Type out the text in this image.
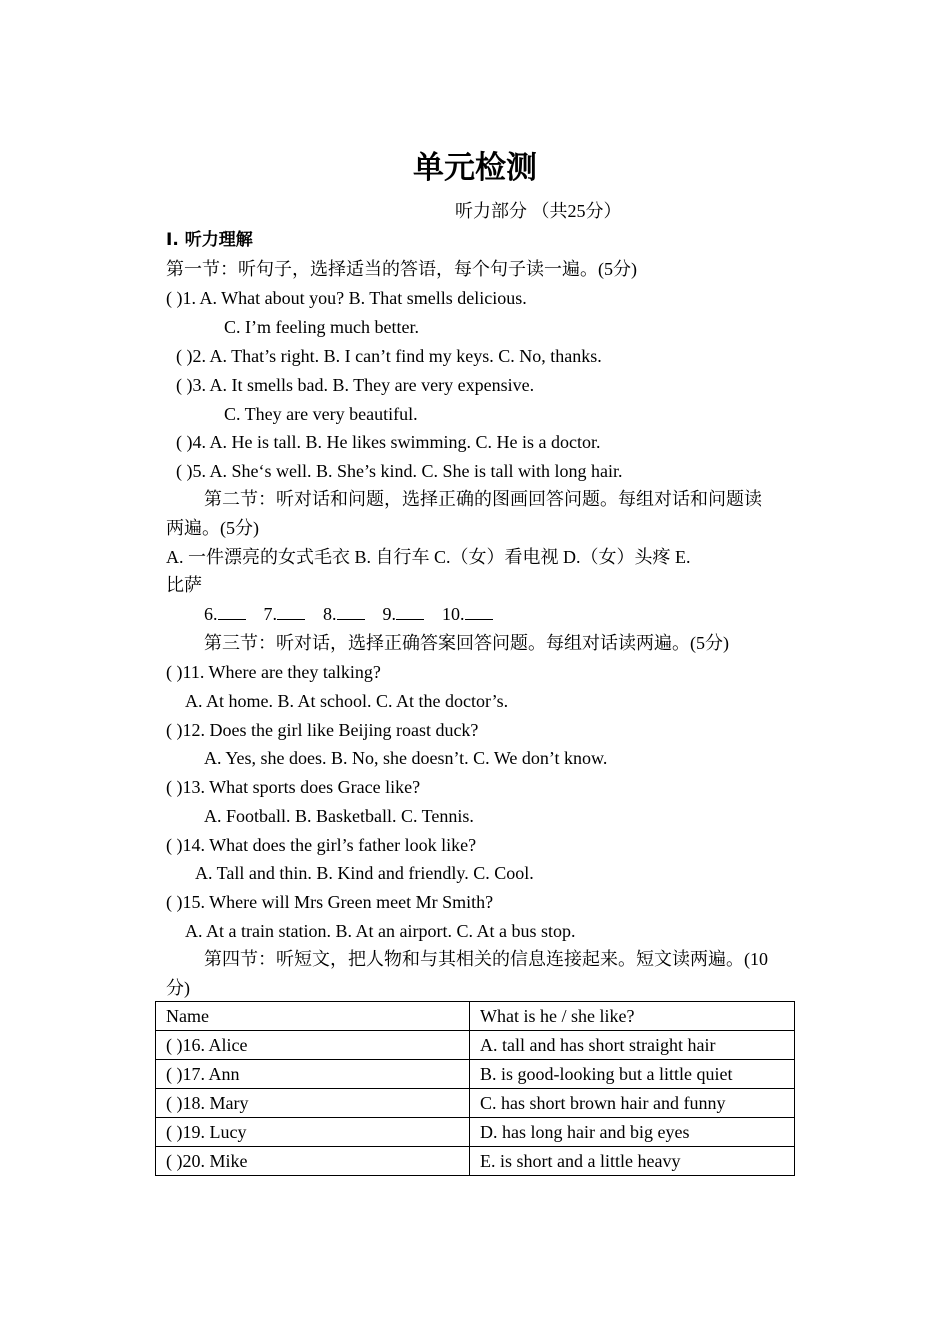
单元检测
听力部分 （共25分）
I. 听力理解
第一节：听句子，选择适当的答语，每个句子读一遍。(5分)
( )1. A. What about you? B. That smells delicious.
C. I’m feeling much better.
( )2. A. That’s right. B. I can’t find my keys. C. No, thanks.
( )3. A. It smells bad. B. They are very expensive.
C. They are very beautiful.
( )4. A. He is tall. B. He likes swimming. C. He is a doctor.
( )5. A. She‘s well. B. She’s kind. C. She is tall with long hair.
第二节：听对话和问题，选择正确的图画回答问题。每组对话和问题读
两遍。(5分)
A. 一件漂亮的女式毛衣 B. 自行车 C.（女）看电视 D.（女）头疼 E.
比萨
6.	7.	8.	9.	10.
第三节：听对话，选择正确答案回答问题。每组对话读两遍。(5分)
( )11. Where are they talking?
A. At home. B. At school. C. At the doctor’s.
( )12. Does the girl like Beijing roast duck?
A. Yes, she does. B. No, she doesn’t. C. We don’t know.
( )13. What sports does Grace like?
A. Football. B. Basketball. C. Tennis.
( )14. What does the girl’s father look like?
A. Tall and thin. B. Kind and friendly. C. Cool.
( )15. Where will Mrs Green meet Mr Smith?
A. At a train station. B. At an airport. C. At a bus stop.
第四节：听短文，把人物和与其相关的信息连接起来。短文读两遍。(10
分)
Name	What is he / she like?
( )16. Alice	A. tall and has short straight hair
( )17. Ann	B. is good-looking but a little quiet
( )18. Mary	C. has short brown hair and funny
( )19. Lucy	D. has long hair and big eyes
( )20. Mike	E. is short and a little heavy
